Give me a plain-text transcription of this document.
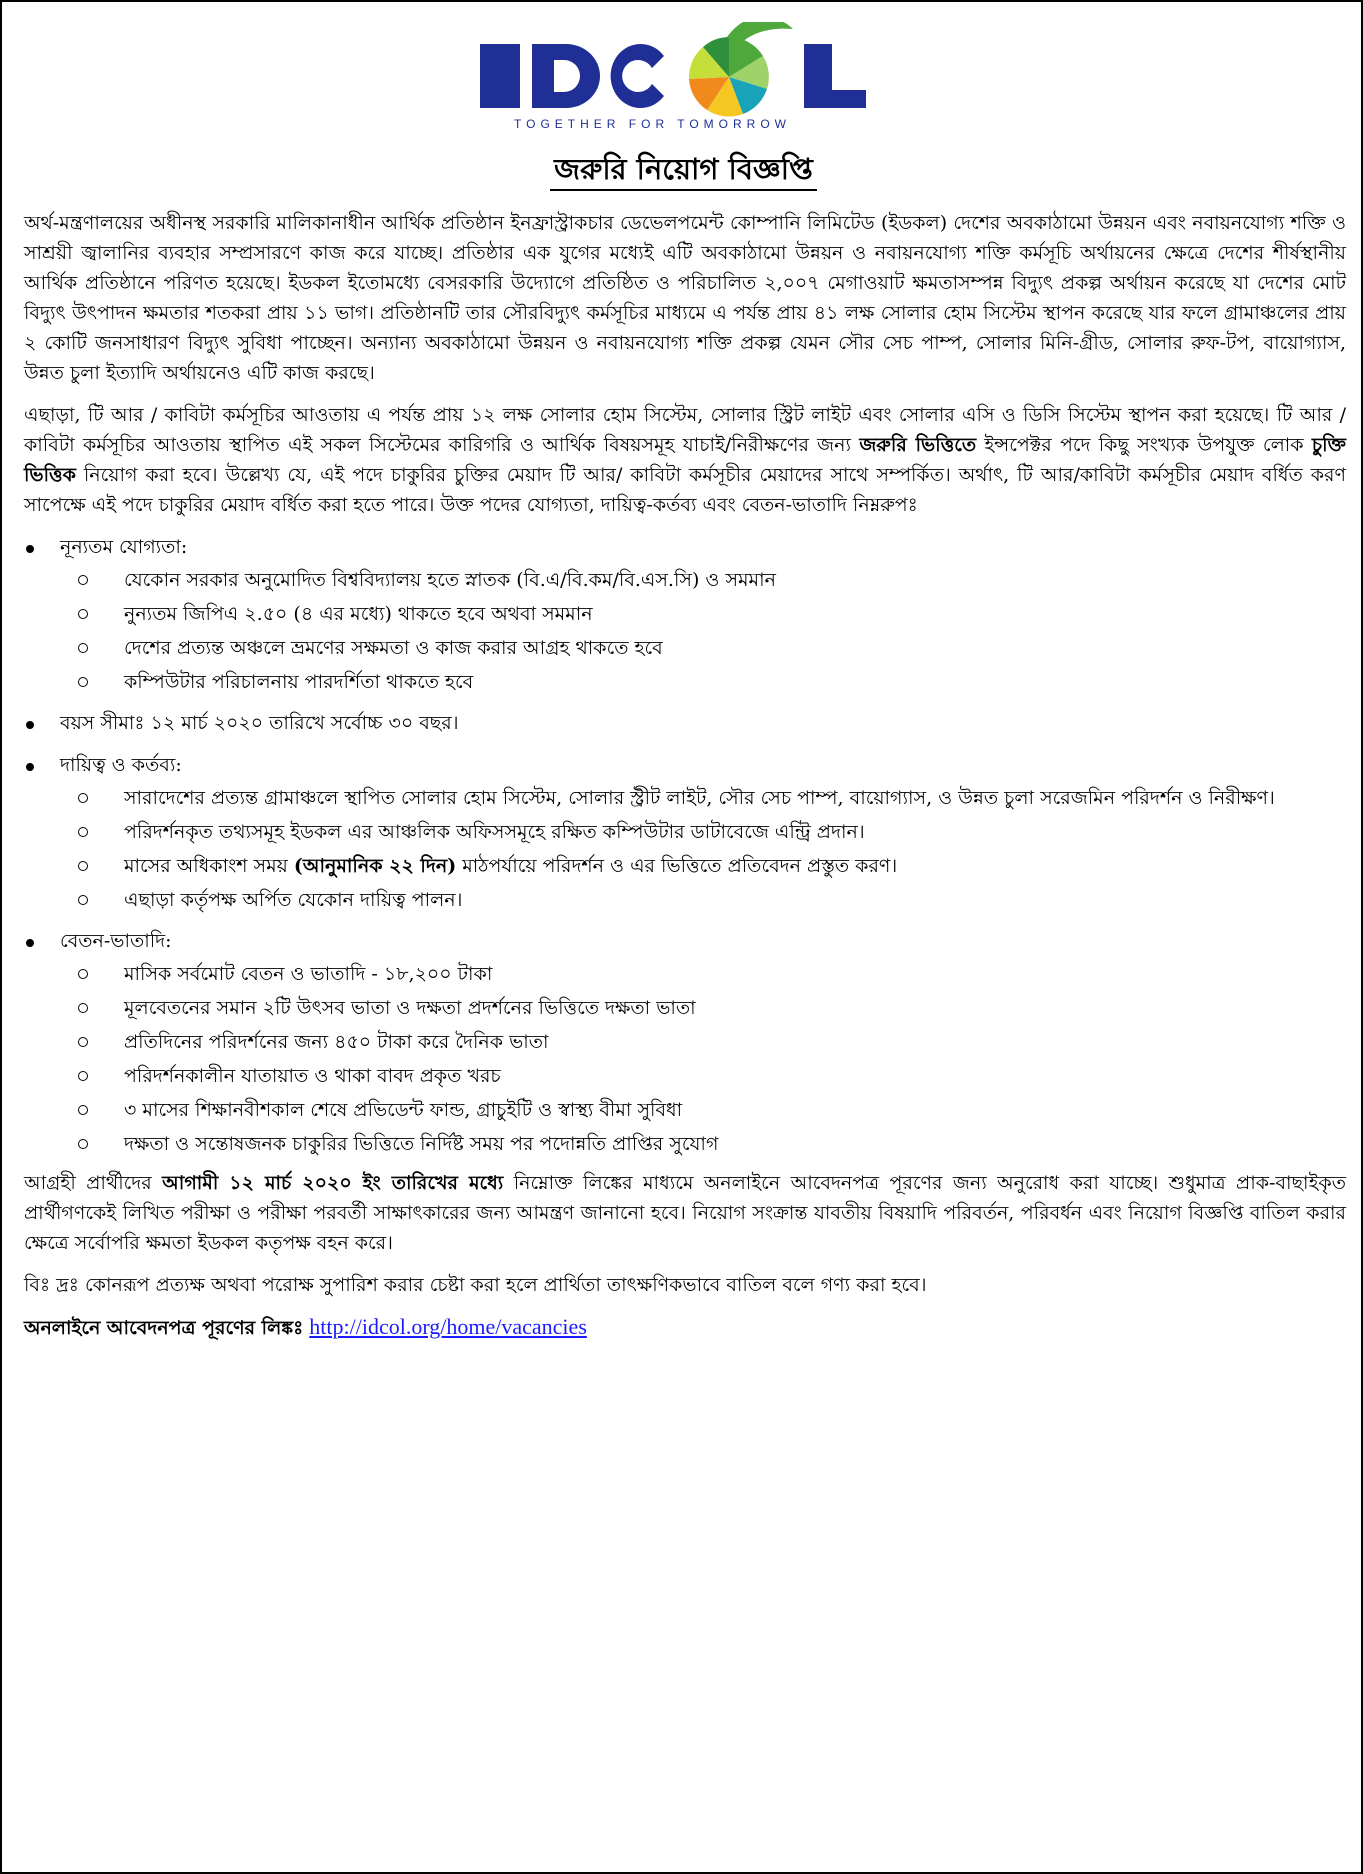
TOGETHER FOR TOMORROW
জরুরি নিয়োগ বিজ্ঞপ্তি

অর্থ-মন্ত্রণালয়ের অধীনস্থ সরকারি মালিকানাধীন আর্থিক প্রতিষ্ঠান ইনফ্রাস্ট্রাকচার ডেভেলপমেন্ট কোম্পানি লিমিটেড (ইডকল) দেশের অবকাঠামো উন্নয়ন এবং নবায়নযোগ্য শক্তি ও সাশ্রয়ী জ্বালানির ব্যবহার সম্প্রসারণে কাজ করে যাচ্ছে। প্রতিষ্ঠার এক যুগের মধ্যেই এটি অবকাঠামো উন্নয়ন ও নবায়নযোগ্য শক্তি কর্মসূচি অর্থায়নের ক্ষেত্রে দেশের শীর্ষস্থানীয় আর্থিক প্রতিষ্ঠানে পরিণত হয়েছে। ইডকল ইতোমধ্যে বেসরকারি উদ্যোগে প্রতিষ্ঠিত ও পরিচালিত ২,০০৭ মেগাওয়াট ক্ষমতাসম্পন্ন বিদ্যুৎ প্রকল্প অর্থায়ন করেছে যা দেশের মোট বিদ্যুৎ উৎপাদন ক্ষমতার শতকরা প্রায় ১১ ভাগ। প্রতিষ্ঠানটি তার সৌরবিদ্যুৎ কর্মসূচির মাধ্যমে এ পর্যন্ত প্রায় ৪১ লক্ষ সোলার হোম সিস্টেম স্থাপন করেছে যার ফলে গ্রামাঞ্চলের প্রায় ২ কোটি জনসাধারণ বিদ্যুৎ সুবিধা পাচ্ছেন। অন্যান্য অবকাঠামো উন্নয়ন ও নবায়নযোগ্য শক্তি প্রকল্প যেমন সৌর সেচ পাম্প, সোলার মিনি-গ্রীড, সোলার রুফ-টপ, বায়োগ্যাস, উন্নত চুলা ইত্যাদি অর্থায়নেও এটি কাজ করছে।

এছাড়া, টি আর / কাবিটা কর্মসূচির আওতায় এ পর্যন্ত প্রায় ১২ লক্ষ সোলার হোম সিস্টেম, সোলার স্ট্রিট লাইট এবং সোলার এসি ও ডিসি সিস্টেম স্থাপন করা হয়েছে। টি আর / কাবিটা কর্মসূচির আওতায় স্থাপিত এই সকল সিস্টেমের কারিগরি ও আর্থিক বিষয়সমূহ যাচাই/নিরীক্ষণের জন্য জরুরি ভিত্তিতে ইন্সপেক্টর পদে কিছু সংখ্যক উপযুক্ত লোক চুক্তি ভিত্তিক নিয়োগ করা হবে। উল্লেখ্য যে, এই পদে চাকুরির চুক্তির মেয়াদ টি আর/ কাবিটা কর্মসূচীর মেয়াদের সাথে সম্পর্কিত। অর্থাৎ, টি আর/কাবিটা কর্মসূচীর মেয়াদ বর্ধিত করণ সাপেক্ষে এই পদে চাকুরির মেয়াদ বর্ধিত করা হতে পারে। উক্ত পদের যোগ্যতা, দায়িত্ব-কর্তব্য এবং বেতন-ভাতাদি নিম্নরুপঃ

নূন্যতম যোগ্যতা:
যেকোন সরকার অনুমোদিত বিশ্ববিদ্যালয় হতে স্নাতক (বি.এ/বি.কম/বি.এস.সি) ও সমমান
নুন্যতম জিপিএ ২.৫০ (৪ এর মধ্যে) থাকতে হবে অথবা সমমান
দেশের প্রত্যন্ত অঞ্চলে ভ্রমণের সক্ষমতা ও কাজ করার আগ্রহ থাকতে হবে
কম্পিউটার পরিচালনায় পারদর্শিতা থাকতে হবে
বয়স সীমাঃ ১২ মার্চ ২০২০ তারিখে সর্বোচ্চ ৩০ বছর।
দায়িত্ব ও কর্তব্য:
সারাদেশের প্রত্যন্ত গ্রামাঞ্চলে স্থাপিত সোলার হোম সিস্টেম, সোলার স্ট্রীট লাইট, সৌর সেচ পাম্প, বায়োগ্যাস, ও উন্নত চুলা সরেজমিন পরিদর্শন ও নিরীক্ষণ।
পরিদর্শনকৃত তথ্যসমূহ ইডকল এর আঞ্চলিক অফিসসমূহে রক্ষিত কম্পিউটার ডাটাবেজে এন্ট্রি প্রদান।
মাসের অধিকাংশ সময় (আনুমানিক ২২ দিন) মাঠপর্যায়ে পরিদর্শন ও এর ভিত্তিতে প্রতিবেদন প্রস্তুত করণ।
এছাড়া কর্তৃপক্ষ অর্পিত যেকোন দায়িত্ব পালন।
বেতন-ভাতাদি:
মাসিক সর্বমোট বেতন ও ভাতাদি - ১৮,২০০ টাকা
মূলবেতনের সমান ২টি উৎসব ভাতা ও দক্ষতা প্রদর্শনের ভিত্তিতে দক্ষতা ভাতা
প্রতিদিনের পরিদর্শনের জন্য ৪৫০ টাকা করে দৈনিক ভাতা
পরিদর্শনকালীন যাতায়াত ও থাকা বাবদ প্রকৃত খরচ
৩ মাসের শিক্ষানবীশকাল শেষে প্রভিডেন্ট ফান্ড, গ্রাচুইটি ও স্বাস্থ্য বীমা সুবিধা
দক্ষতা ও সন্তোষজনক চাকুরির ভিত্তিতে নির্দিষ্ট সময় পর পদোন্নতি প্রাপ্তির সুযোগ

আগ্রহী প্রার্থীদের আগামী ১২ মার্চ ২০২০ ইং তারিখের মধ্যে নিম্নোক্ত লিঙ্কের মাধ্যমে অনলাইনে আবেদনপত্র পূরণের জন্য অনুরোধ করা যাচ্ছে। শুধুমাত্র প্রাক-বাছাইকৃত প্রার্থীগণকেই লিখিত পরীক্ষা ও পরীক্ষা পরবর্তী সাক্ষাৎকারের জন্য আমন্ত্রণ জানানো হবে। নিয়োগ সংক্রান্ত যাবতীয় বিষয়াদি পরিবর্তন, পরিবর্ধন এবং নিয়োগ বিজ্ঞপ্তি বাতিল করার ক্ষেত্রে সর্বোপরি ক্ষমতা ইডকল কতৃপক্ষ বহন করে।

বিঃ দ্রঃ কোনরূপ প্রত্যক্ষ অথবা পরোক্ষ সুপারিশ করার চেষ্টা করা হলে প্রার্থিতা তাৎক্ষণিকভাবে বাতিল বলে গণ্য করা হবে।

অনলাইনে আবেদনপত্র পূরণের লিঙ্কঃ http://idcol.org/home/vacancies
